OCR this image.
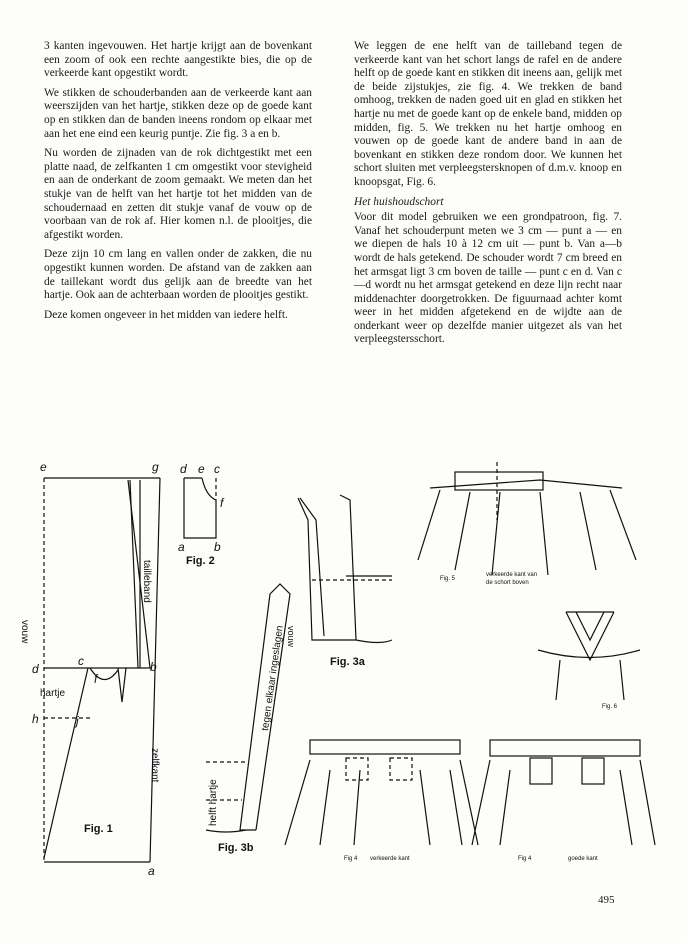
3 kanten ingevouwen. Het hartje krijgt aan de bovenkant een zoom of ook een rechte aangestikte bies, die op de verkeerde kant opgestikt wordt.

We stikken de schouderbanden aan de verkeerde kant aan weerszijden van het hartje, stikken deze op de goede kant op en stikken dan de banden ineens rondom op elkaar met aan het ene eind een keurig puntje. Zie fig. 3 a en b.

Nu worden de zijnaden van de rok dichtgestikt met een platte naad, de zelfkanten 1 cm omgestikt voor stevigheid en aan de onderkant de zoom gemaakt. We meten dan het stukje van de helft van het hartje tot het midden van de schoudernaad en zetten dit stukje vanaf de vouw op de voorbaan van de rok af. Hier komen n.l. de plooitjes, die afgestikt worden.

Deze zijn 10 cm lang en vallen onder de zakken, die nu opgestikt kunnen worden. De afstand van de zakken aan de taillekant wordt dus gelijk aan de breedte van het hartje. Ook aan de achterbaan worden de plooitjes gestikt.

Deze komen ongeveer in het midden van iedere helft.

We leggen de ene helft van de tailleband tegen de verkeerde kant van het schort langs de rafel en de andere helft op de goede kant en stikken dit ineens aan, gelijk met de beide zijstukjes, zie fig. 4. We trekken de band omhoog, trekken de naden goed uit en glad en stikken het hartje nu met de goede kant op de enkele band, midden op midden, fig. 5. We trekken nu het hartje omhoog en vouwen op de goede kant de andere band in aan de bovenkant en stikken deze rondom door. We kunnen het schort sluiten met verpleegstersknopen of d.m.v. knoop en knoopsgat, Fig. 6.

Het huishoudschort

Voor dit model gebruiken we een grondpatroon, fig. 7. Vanaf het schouderpunt meten we 3 cm — punt a — en we diepen de hals 10 à 12 cm uit — punt b. Van a—b wordt de hals getekend. De schouder wordt 7 cm breed en het armsgat ligt 3 cm boven de taille — punt c en d. Van c—d wordt nu het armsgat getekend en deze lijn recht naar middenachter doorgetrokken. De figuurnaad achter komt weer in het midden afgetekend en de wijdte aan de onderkant weer op dezelfde manier uitgezet als van het verpleegstersschort.

e	g
d
c
f
b
h	j
a
hartje
vouw
tailleband
zelfkant
Fig. 1
d e c
f
a b
Fig. 2
Fig. 3a
tegen elkaar ingeslagen vouw
helft hartje
Fig. 3b
Fig. 5
verkeerde kant van
de schort boven
Fig. 6
Fig 4 verkeerde kant	Fig 4	goede kant
495
